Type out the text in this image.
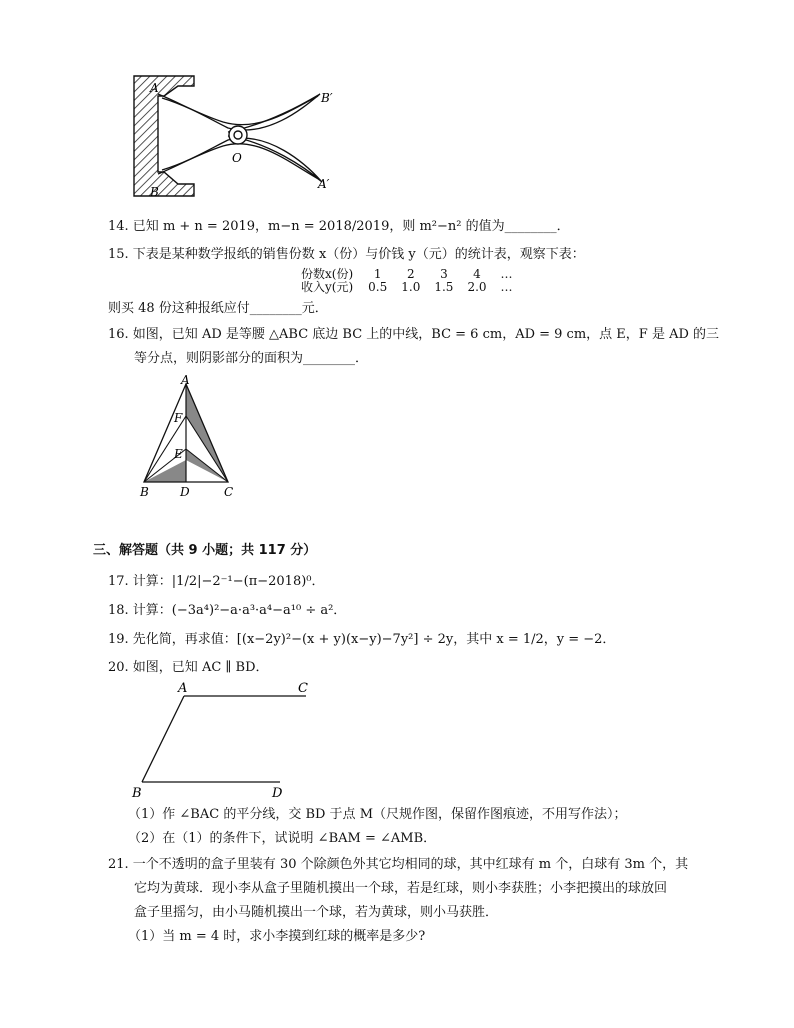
A
B
O
B′
A′
14. 已知 m + n = 2019，m−n = 2018/2019，则 m²−n² 的值为________．
15. 下表是某种数学报纸的销售份数 x（份）与价钱 y（元）的统计表，观察下表：
份数x(份)	1	2	3	4	…
收入y(元)	0.5	1.0	1.5	2.0	…
则买 48 份这种报纸应付________元．
16. 如图，已知 AD 是等腰 △ABC 底边 BC 上的中线，BC = 6 cm，AD = 9 cm，点 E，F 是 AD 的三
等分点，则阴影部分的面积为________．
A
F
E
B	D	C
三、解答题（共 9 小题；共 117 分）
17. 计算：|1/2|−2⁻¹−(π−2018)⁰．
18. 计算：(−3a⁴)²−a·a³·a⁴−a¹⁰ ÷ a²．
19. 先化简，再求值：[(x−2y)²−(x + y)(x−y)−7y²] ÷ 2y，其中 x = 1/2，y = −2．
20. 如图，已知 AC ∥ BD．
A	C
B	D
（1）作 ∠BAC 的平分线，交 BD 于点 M（尺规作图，保留作图痕迹，不用写作法）；
（2）在（1）的条件下，试说明 ∠BAM = ∠AMB．
21. 一个不透明的盒子里装有 30 个除颜色外其它均相同的球，其中红球有 m 个，白球有 3m 个，其
它均为黄球．现小李从盒子里随机摸出一个球，若是红球，则小李获胜；小李把摸出的球放回
盒子里摇匀，由小马随机摸出一个球，若为黄球，则小马获胜．
（1）当 m = 4 时，求小李摸到红球的概率是多少?
